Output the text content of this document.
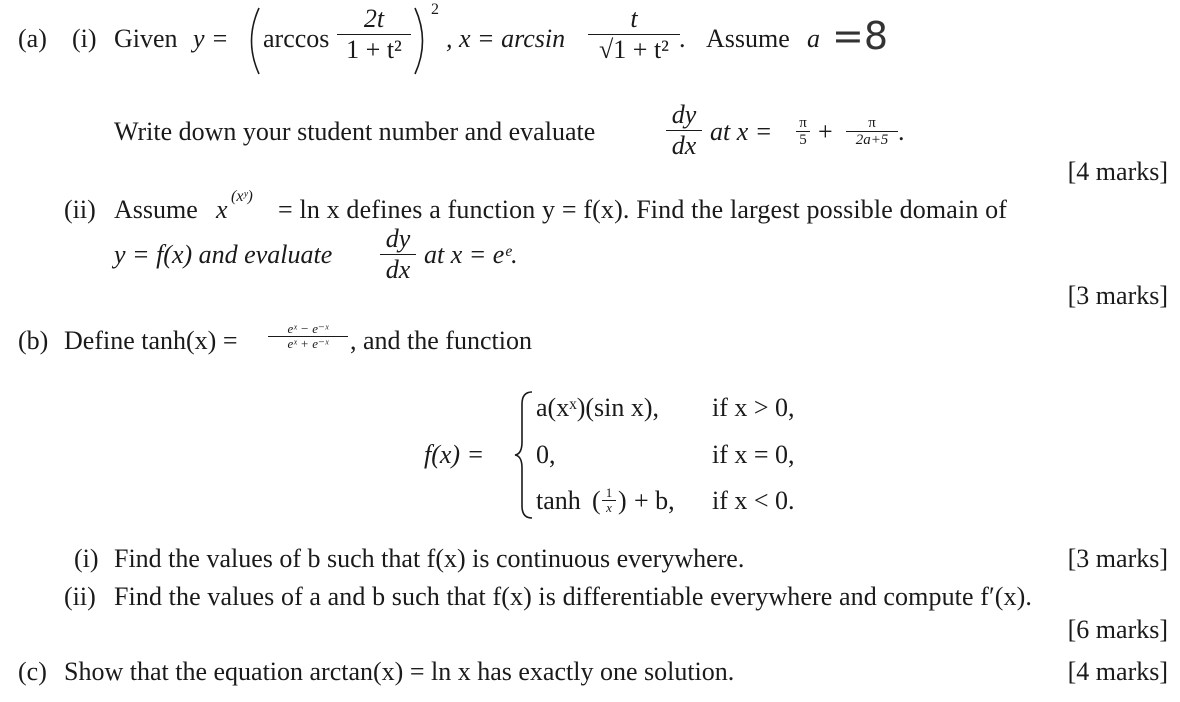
(a) (i) Given y = arccos
2t
1 + t²
2
, x = arcsin
t
√1 + t² . Assume a =8
Write down your student number and evaluate
dy
dx at x = π
5 +	π
2a+5 .
[4 marks]
(ii) Assume x (xʸ) = ln x defines a function y = f(x). Find the largest possible domain of
y = f(x) and evaluate
dy
dx
at x = eᵉ.
[3 marks]
(b) Define tanh(x) =	eˣ − e⁻ˣ
eˣ + e⁻ˣ , and the function
f(x) =
a(xˣ)(sin x), if x > 0,
0,	if x = 0,
tanh ( 1
x ) + b, if x < 0.
(i) Find the values of b such that f(x) is continuous everywhere.	[3 marks]
(ii) Find the values of a and b such that f(x) is differentiable everywhere and compute f′(x).
[6 marks]
(c) Show that the equation arctan(x) = ln x has exactly one solution.	[4 marks]
